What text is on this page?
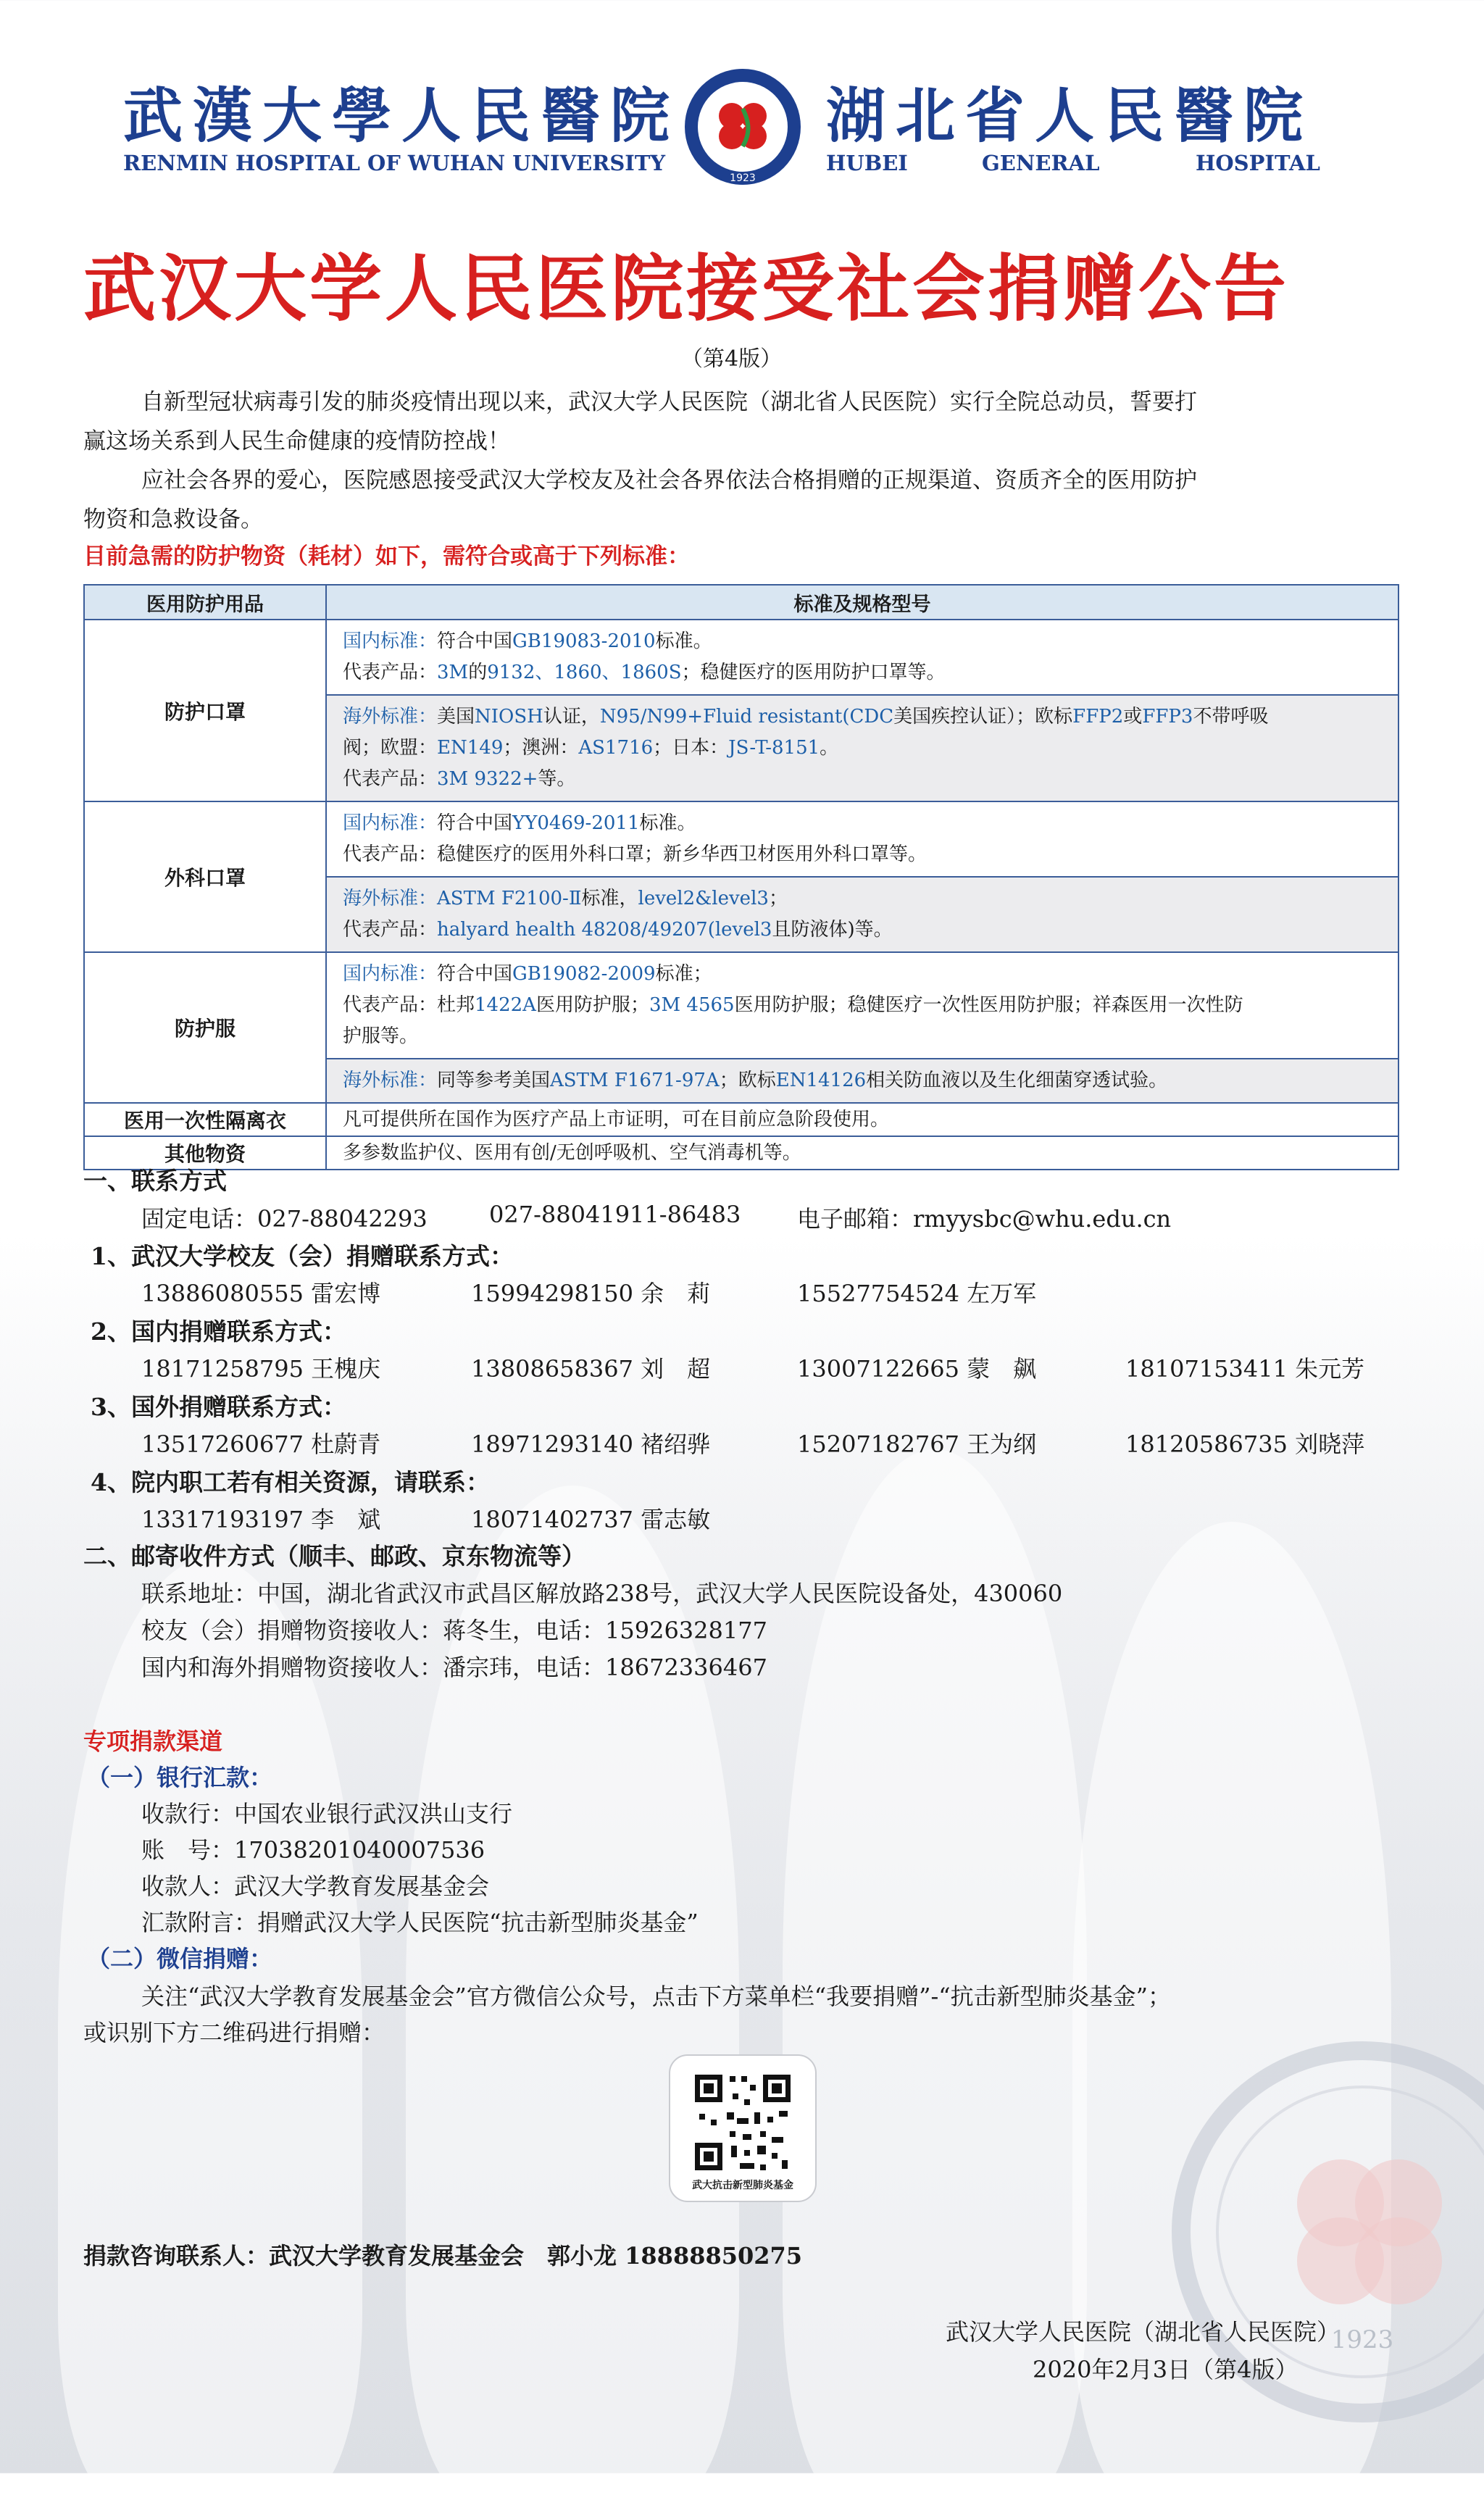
1923
武漢大學人民醫院
RENMIN HOSPITAL OF WUHAN UNIVERSITY
1923
湖北省人民醫院
HUBEI	GENERAL	HOSPITAL
武汉大学人民医院接受社会捐赠公告
（第4版）
自新型冠状病毒引发的肺炎疫情出现以来，武汉大学人民医院（湖北省人民医院）实行全院总动员，誓要打
赢这场关系到人民生命健康的疫情防控战！
应社会各界的爱心，医院感恩接受武汉大学校友及社会各界依法合格捐赠的正规渠道、资质齐全的医用防护
物资和急救设备。
目前急需的防护物资（耗材）如下，需符合或高于下列标准：
医用防护用品	标准及规格型号
防护口罩	国内标准：符合中国GB19083-2010标准。
代表产品：3M的9132、1860、1860S；稳健医疗的医用防护口罩等。

	海外标准：美国NIOSH认证，N95/N99+Fluid resistant(CDC美国疾控认证）；欧标FFP2或FFP3不带呼吸
阀；欧盟：EN149；澳洲：AS1716；日本：JS-T-8151。
代表产品：3M 9322+等。

外科口罩	国内标准：符合中国YY0469-2011标准。
代表产品：稳健医疗的医用外科口罩；新乡华西卫材医用外科口罩等。

	海外标准：ASTM F2100-Ⅱ标准，level2&level3；
代表产品：halyard health 48208/49207(level3且防液体)等。

防护服	国内标准：符合中国GB19082-2009标准；
代表产品：杜邦1422A医用防护服；3M 4565医用防护服；稳健医疗一次性医用防护服；祥森医用一次性防
护服等。

	海外标准：同等参考美国ASTM F1671-97A；欧标EN14126相关防血液以及生化细菌穿透试验。

医用一次性隔离衣	凡可提供所在国作为医疗产品上市证明，可在目前应急阶段使用。
其他物资	多参数监护仪、医用有创/无创呼吸机、空气消毒机等。
一、联系方式
固定电话：027-88042293	027-88041911-86483 电子邮箱：rmyysbc@whu.edu.cn
1、武汉大学校友（会）捐赠联系方式：
13886080555 雷宏博	15994298150 余　莉	15527754524 左万军
2、国内捐赠联系方式：
18171258795 王槐庆	13808658367 刘　超	13007122665 蒙　飙	18107153411 朱元芳
3、国外捐赠联系方式：
13517260677 杜蔚青	18971293140 褚绍骅	15207182767 王为纲	18120586735 刘晓萍
4、院内职工若有相关资源，请联系：
13317193197 李　斌	18071402737 雷志敏
二、邮寄收件方式（顺丰、邮政、京东物流等）
联系地址：中国，湖北省武汉市武昌区解放路238号，武汉大学人民医院设备处，430060
校友（会）捐赠物资接收人：蒋冬生，电话：15926328177
国内和海外捐赠物资接收人：潘宗玮，电话：18672336467
专项捐款渠道
（一）银行汇款：
收款行：中国农业银行武汉洪山支行
账　号：17038201040007536
收款人：武汉大学教育发展基金会
汇款附言：捐赠武汉大学人民医院“抗击新型肺炎基金”
（二）微信捐赠：
关注“武汉大学教育发展基金会”官方微信公众号，点击下方菜单栏“我要捐赠”-“抗击新型肺炎基金”；
或识别下方二维码进行捐赠：
武大抗击新型肺炎基金
捐款咨询联系人：武汉大学教育发展基金会　郭小龙 18888850275
武汉大学人民医院（湖北省人民医院）
2020年2月3日（第4版）
